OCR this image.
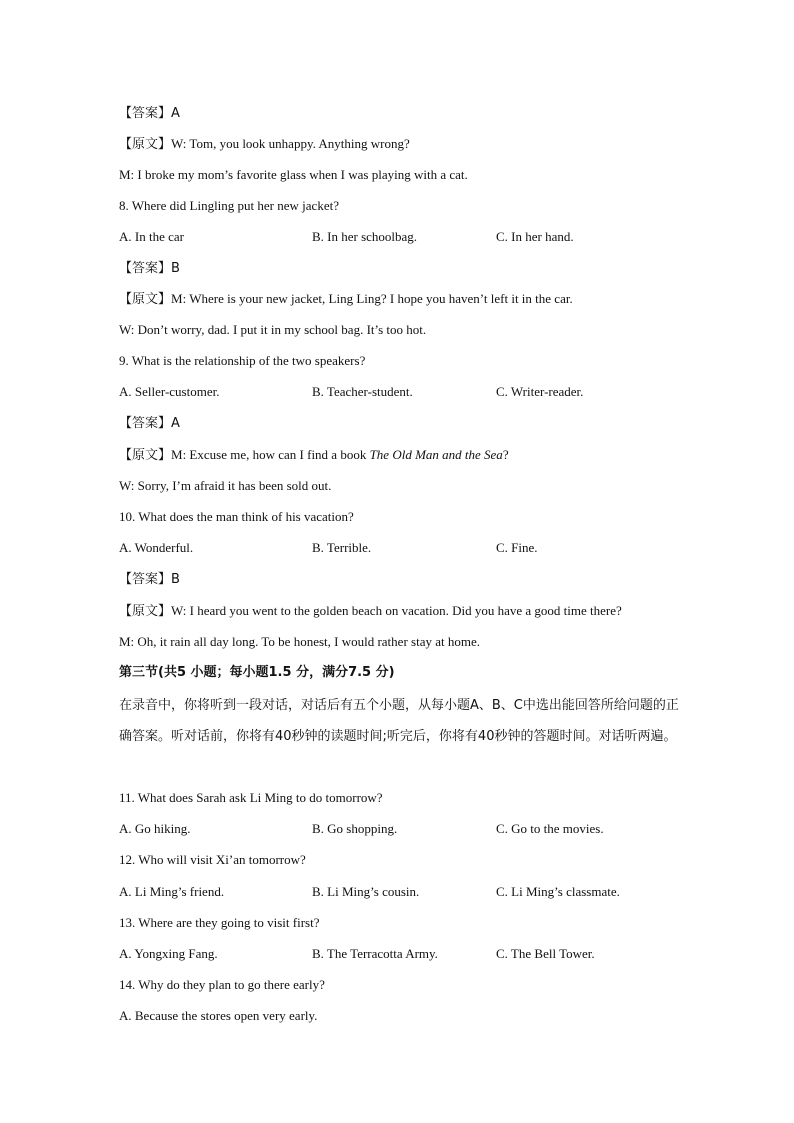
【答案】A
【原文】W: Tom, you look unhappy. Anything wrong?
M: I broke my mom’s favorite glass when I was playing with a cat.
8. Where did Lingling put her new jacket?
A. In the car	B. In her schoolbag.	C. In her hand.
【答案】B
【原文】M: Where is your new jacket, Ling Ling? I hope you haven’t left it in the car.
W: Don’t worry, dad. I put it in my school bag. It’s too hot.
9. What is the relationship of the two speakers?
A. Seller-customer.	B. Teacher-student.	C. Writer-reader.
【答案】A
【原文】M: Excuse me, how can I find a book The Old Man and the Sea?
W: Sorry, I’m afraid it has been sold out.
10. What does the man think of his vacation?
A. Wonderful.	B. Terrible.	C. Fine.
【答案】B
【原文】W: I heard you went to the golden beach on vacation. Did you have a good time there?
M: Oh, it rain all day long. To be honest, I would rather stay at home.
第三节(共5 小题；每小题1.5 分，满分7.5 分)
在录音中，你将听到一段对话，对话后有五个小题，从每小题A、B、C中选出能回答所给问题的正确答案。听对话前，你将有40秒钟的读题时间;听完后，你将有40秒钟的答题时间。对话听两遍。
11. What does Sarah ask Li Ming to do tomorrow?
A. Go hiking.	B. Go shopping.	C. Go to the movies.
12. Who will visit Xi’an tomorrow?
A. Li Ming’s friend.	B. Li Ming’s cousin.	C. Li Ming’s classmate.
13. Where are they going to visit first?
A. Yongxing Fang.	B. The Terracotta Army.	C. The Bell Tower.
14. Why do they plan to go there early?
A. Because the stores open very early.
